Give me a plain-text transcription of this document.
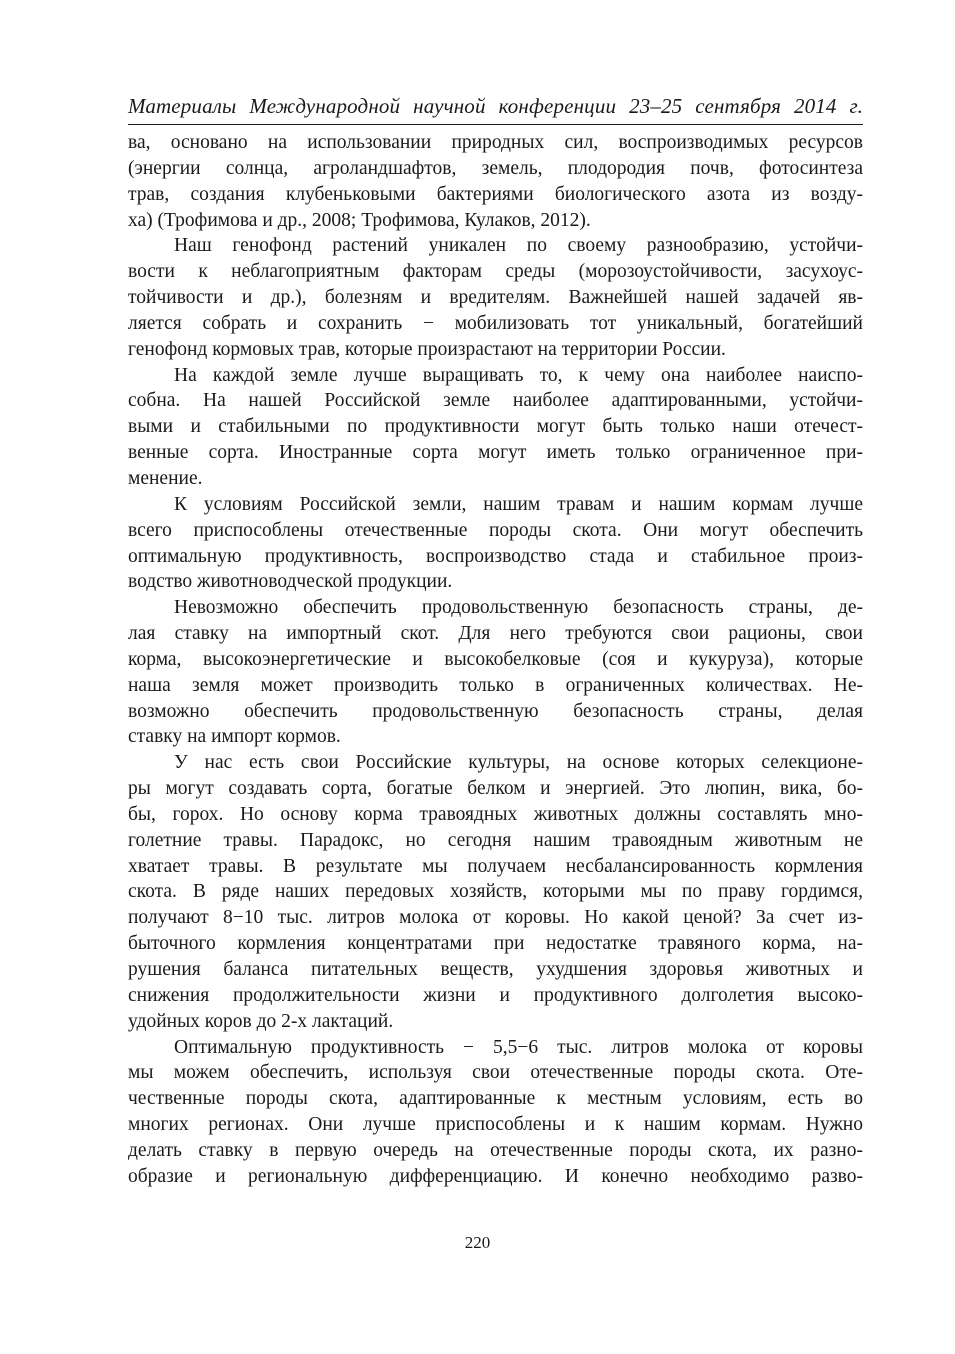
Материалы Международной научной конференции 23–25 сентября 2014 г.

ва, основано на использовании природных сил, воспроизводимых ресурсов

(энергии солнца, агроландшафтов, земель, плодородия почв, фотосинтеза

трав, создания клубеньковыми бактериями биологического азота из возду-

ха) (Трофимова и др., 2008; Трофимова, Кулаков, 2012).

Наш генофонд растений уникален по своему разнообразию, устойчи-

вости к неблагоприятным факторам среды (морозоустойчивости, засухоус-

тойчивости и др.), болезням и вредителям. Важнейшей нашей задачей яв-

ляется собрать и сохранить − мобилизовать тот уникальный, богатейший

генофонд кормовых трав, которые произрастают на территории России.

На каждой земле лучше выращивать то, к чему она наиболее наиспо-

собна. На нашей Российской земле наиболее адаптированными, устойчи-

выми и стабильными по продуктивности могут быть только наши отечест-

венные сорта. Иностранные сорта могут иметь только ограниченное при-

менение.

К условиям Российской земли, нашим травам и нашим кормам лучше

всего приспособлены отечественные породы скота. Они могут обеспечить

оптимальную продуктивность, воспроизводство стада и стабильное произ-

водство животноводческой продукции.

Невозможно обеспечить продовольственную безопасность страны, де-

лая ставку на импортный скот. Для него требуются свои рационы, свои

корма, высокоэнергетические и высокобелковые (соя и кукуруза), которые

наша земля может производить только в ограниченных количествах. Не-

возможно обеспечить продовольственную безопасность страны, делая

ставку на импорт кормов.

У нас есть свои Российские культуры, на основе которых селекционе-

ры могут создавать сорта, богатые белком и энергией. Это люпин, вика, бо-

бы, горох. Но основу корма травоядных животных должны составлять мно-

голетние травы. Парадокс, но сегодня нашим травоядным животным не

хватает травы. В результате мы получаем несбалансированность кормления

скота. В ряде наших передовых хозяйств, которыми мы по праву гордимся,

получают 8−10 тыс. литров молока от коровы. Но какой ценой? За счет из-

быточного кормления концентратами при недостатке травяного корма, на-

рушения баланса питательных веществ, ухудшения здоровья животных и

снижения продолжительности жизни и продуктивного долголетия высоко-

удойных коров до 2-х лактаций.

Оптимальную продуктивность − 5,5−6 тыс. литров молока от коровы

мы можем обеспечить, используя свои отечественные породы скота. Оте-

чественные породы скота, адаптированные к местным условиям, есть во

многих регионах. Они лучше приспособлены и к нашим кормам. Нужно

делать ставку в первую очередь на отечественные породы скота, их разно-

образие и региональную дифференциацию. И конечно необходимо разво-

220
